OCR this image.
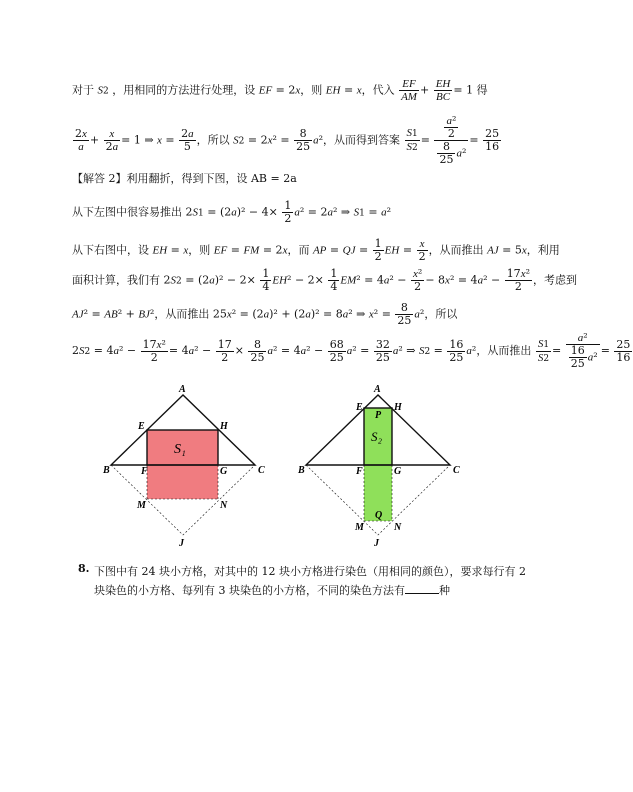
对于 S2 ，用相同的方法进行处理，设 EF = 2x，则 EH = x，代入 $\frac{EF}{AM} + \frac{EH}{BC} = 1$ 得
$\frac{2x}{a} + \frac{x}{2a} = 1$ ⇒ $x = \frac{2a}{5}$ ，所以 $S2 = 2x^2 = \frac{8}{25} a^2$，从而得到答案 $\frac{S1}{S2} = \frac{\frac{\text{a²}}{2}}{\frac{8}{25} a^2} = \frac{25}{16}$
【解答 2】利用翻折，得到下图，设 AB = 2a
从下左图中很容易推出 $2S1 = (2a)^2 - 4\times \frac{1}{2} a^2 = 2a^2$ ⇒ S1 = a²
从下右图中，设 EH = x，则 EF = FM = 2x，而 AP = QJ = $\frac{1}{2}$ EH = $\frac{x}{2}$ ，从而推出 AJ = 5x，利用
面积计算，我们有 $2S2 = (2a)^2 - 2\times \frac{1}{4} EH^2 - 2\times \frac{1}{4} EM^2 = 4a^2 - \frac{\text{x²}}{2} - 8x^2 = 4a^2 - \frac{\text{17x²}}{2}$ ，考虑到
AJ² = AB² + BJ²，从而推出 25x² = (2a)² + (2a)² = 8a² ⇒ $x^2 = \frac{8}{25} a^2$，所以
$2S2 = 4a^2 - \frac{\text{17x²}}{2} = 4a^2 - \frac{17}{2} \times \frac{8}{25} a^2 = 4a^2 - \frac{68}{25} a^2 = \frac{32}{25} a^2$ ⇒ $S2 = \frac{16}{25} a^2$，从而推出 $\frac{S1}{S2} = \frac{\text{a²}}{\frac{16}{25} a^2} = \frac{25}{16}$
A
E	H
B	F	G	C
M	N
J
S₁
A
E	H
P
B	F	G	C
M
Q
N
J
S₂
8. 下图中有 24 块小方格，对其中的 12 块小方格进行染色（用相同的颜色），要求每行有 2 块染色的小方格、每列有 3 块染色的小方格，不同的染色方法有	种
